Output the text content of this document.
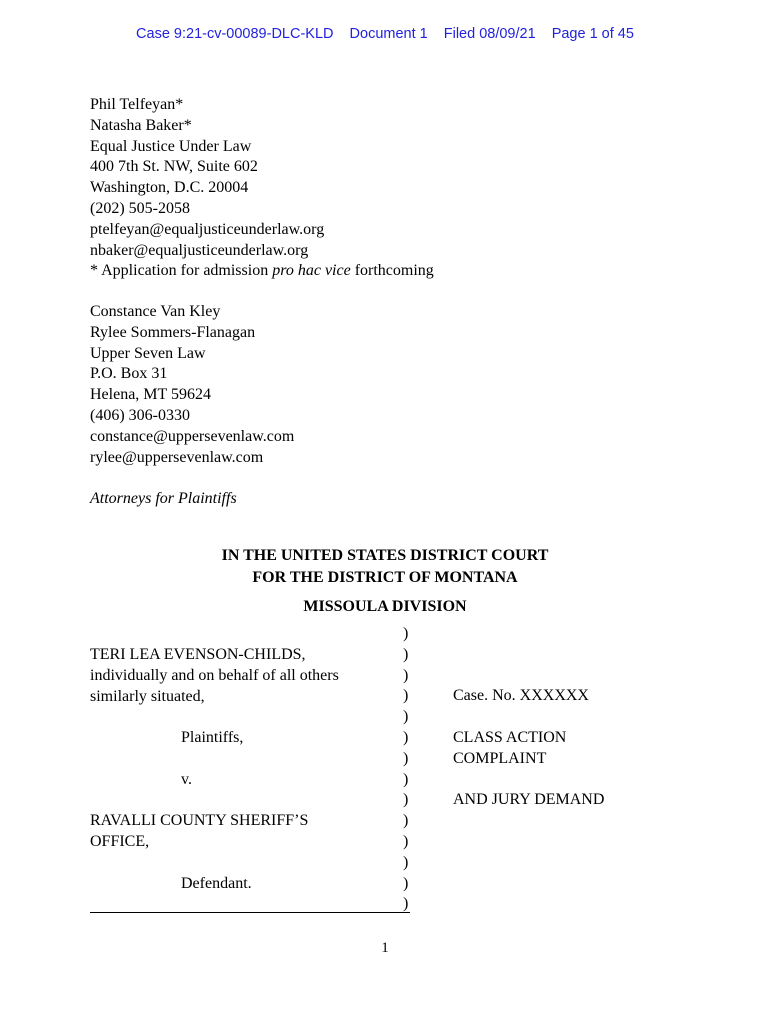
Case 9:21-cv-00089-DLC-KLD Document 1 Filed 08/09/21 Page 1 of 45
Phil Telfeyan*
Natasha Baker*
Equal Justice Under Law
400 7th St. NW, Suite 602
Washington, D.C. 20004
(202) 505-2058
ptelfeyan@equaljusticeunderlaw.org
nbaker@equaljusticeunderlaw.org
* Application for admission pro hac vice forthcoming
Constance Van Kley
Rylee Sommers-Flanagan
Upper Seven Law
P.O. Box 31
Helena, MT 59624
(406) 306-0330
constance@uppersevenlaw.com
rylee@uppersevenlaw.com
Attorneys for Plaintiffs
IN THE UNITED STATES DISTRICT COURT
FOR THE DISTRICT OF MONTANA
MISSOULA DIVISION
TERI LEA EVENSON-CHILDS,
individually and on behalf of all others
similarly situated,

Plaintiffs,

v.

RAVALLI COUNTY SHERIFF’S
OFFICE,

Defendant.
)
)
)
)
)
)
)
)
)
)
)
)
)
)
Case. No. XXXXXX
CLASS ACTION
COMPLAINT
AND JURY DEMAND
1
